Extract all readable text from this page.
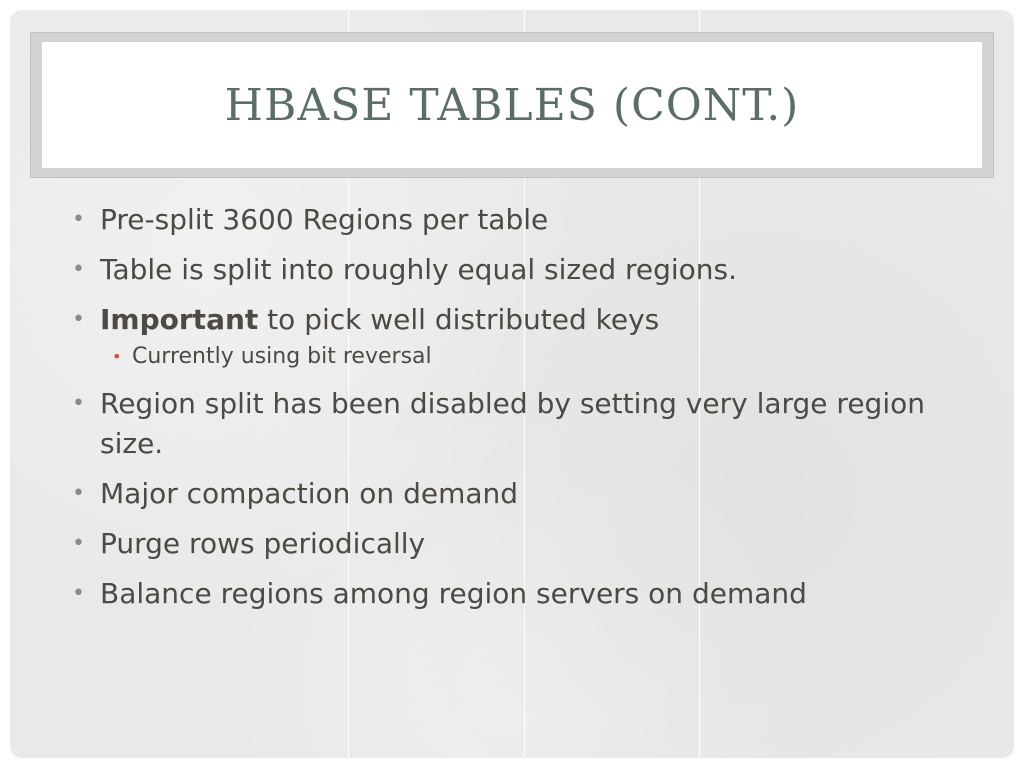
HBASE TABLES (CONT.)
• Pre-split 3600 Regions per table
• Table is split into roughly equal sized regions.
• Important to pick well distributed keys
• Currently using bit reversal
• Region split has been disabled by setting very large region size.
• Major compaction on demand
• Purge rows periodically
• Balance regions among region servers on demand
